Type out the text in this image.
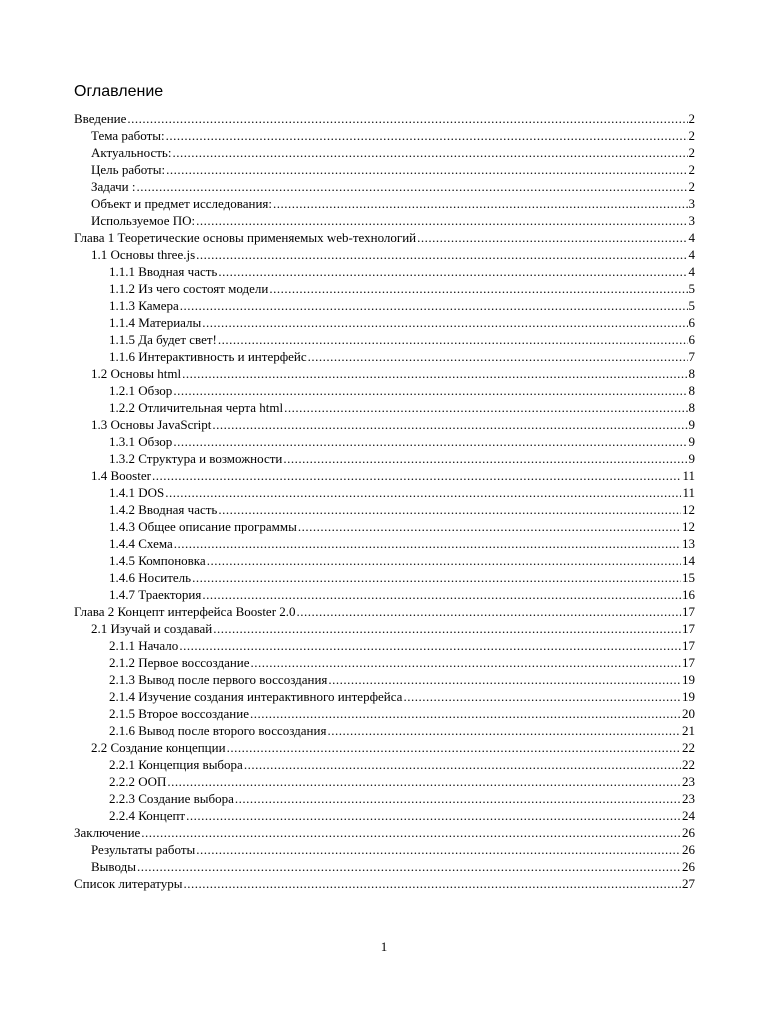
Оглавление
Введение .....	2
Тема работы: .....	2
Актуальность: .....	2
Цель работы: .....	2
Задачи : .....	2
Объект и предмет исследования: .....	3
Используемое ПО: .....	3
Глава 1 Теоретические основы применяемых web-технологий .....	4
1.1 Основы three.js .....	4
1.1.1 Вводная часть .....	4
1.1.2 Из чего состоят модели .....	5
1.1.3 Камера .....	5
1.1.4 Материалы .....	6
1.1.5 Да будет свет! .....	6
1.1.6 Интерактивность и интерфейс .....	7
1.2 Основы html .....	8
1.2.1 Обзор .....	8
1.2.2 Отличительная черта html .....	8
1.3 Основы JavaScript .....	9
1.3.1 Обзор .....	9
1.3.2 Структура и возможности .....	9
1.4 Booster .....	11
1.4.1 DOS .....	11
1.4.2 Вводная часть .....	12
1.4.3 Общее описание программы .....	12
1.4.4 Схема .....	13
1.4.5 Компоновка .....	14
1.4.6 Носитель .....	15
1.4.7 Траектория .....	16
Глава 2 Концепт интерфейса Booster 2.0 .....	17
2.1 Изучай и создавай .....	17
2.1.1 Начало .....	17
2.1.2 Первое воссоздание .....	17
2.1.3 Вывод после первого воссоздания .....	19
2.1.4 Изучение создания интерактивного интерфейса .....	19
2.1.5 Второе воссоздание .....	20
2.1.6 Вывод после второго воссоздания .....	21
2.2 Создание концепции .....	22
2.2.1 Концепция выбора .....	22
2.2.2 ООП .....	23
2.2.3 Создание выбора .....	23
2.2.4 Концепт .....	24
Заключение .....	26
Результаты работы .....	26
Выводы .....	26
Список литературы .....	27
1
